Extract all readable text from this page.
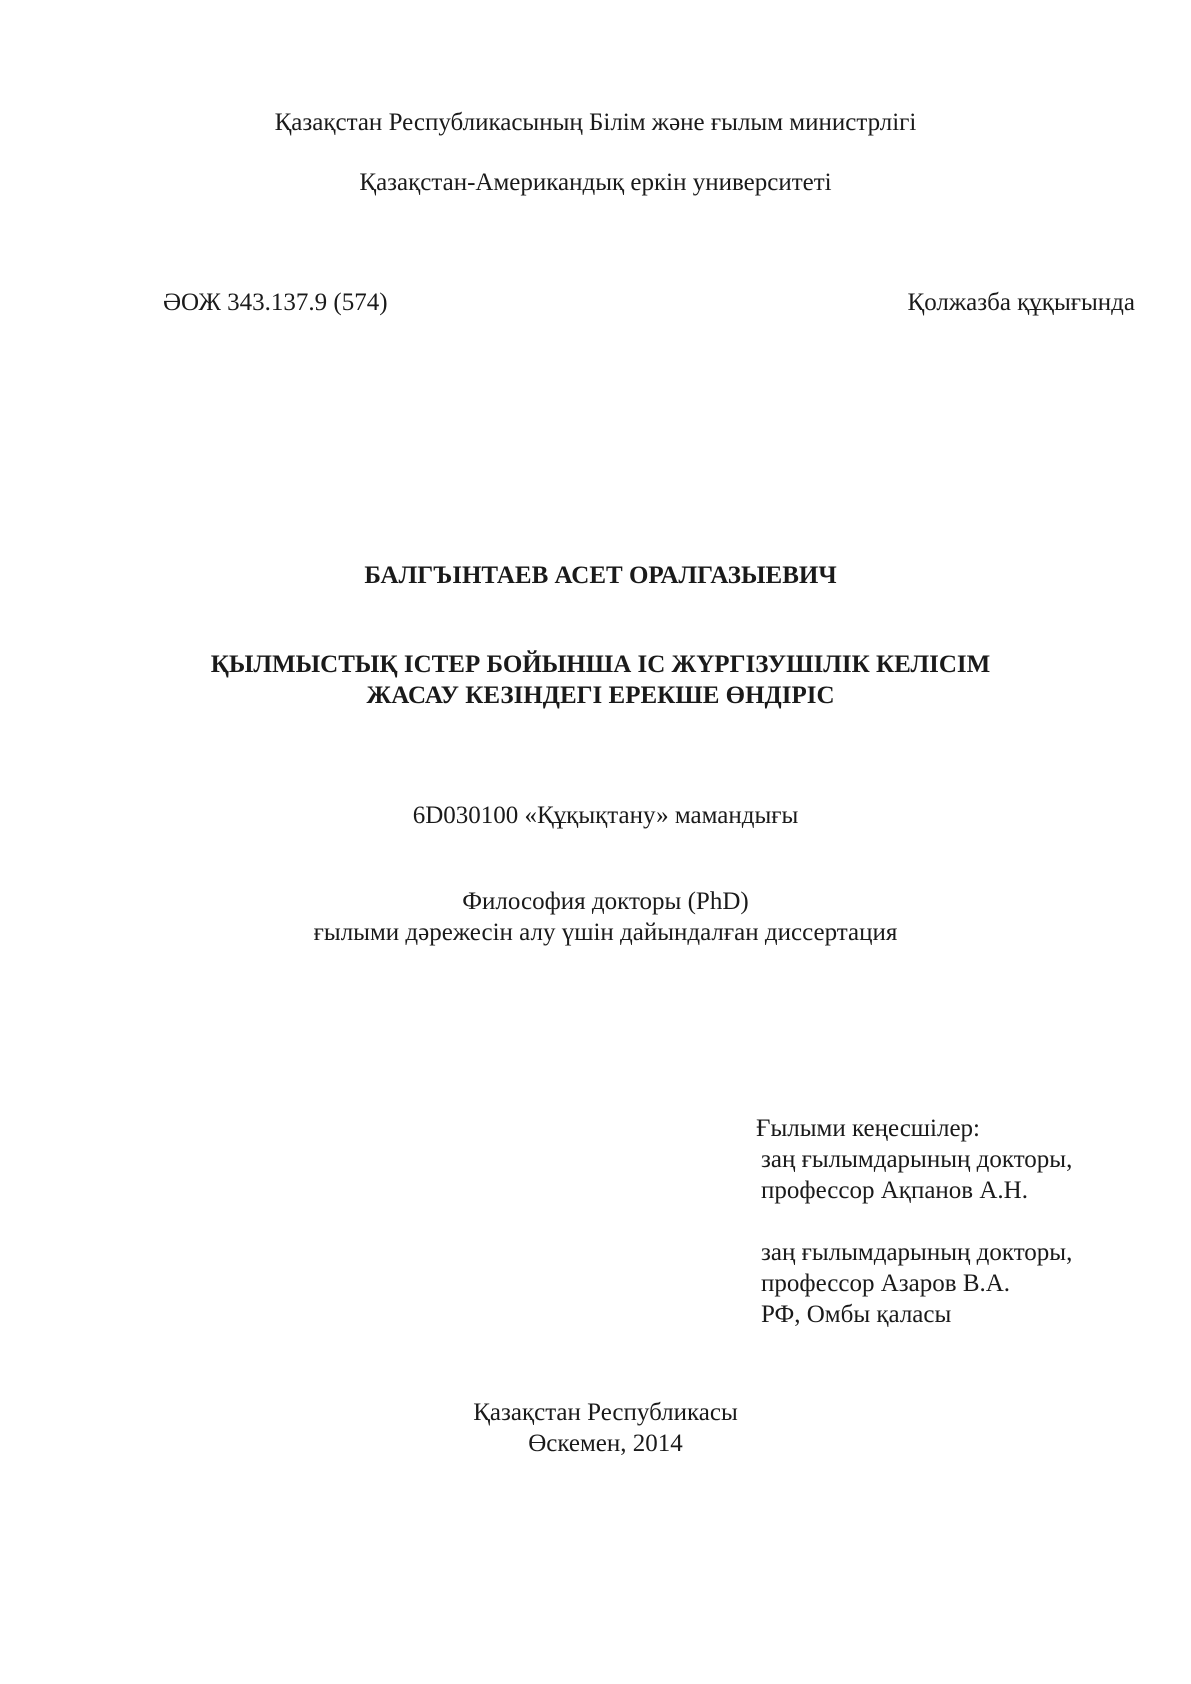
Қазақстан Республикасының Білім және ғылым министрлігі
Қазақстан-Американдық еркін университеті
ӘОЖ 343.137.9 (574)	Қолжазба құқығында
БАЛГЪІНТАЕВ АСЕТ ОРАЛГАЗЫЕВИЧ
ҚЫЛМЫСТЫҚ ІСТЕР БОЙЫНША ІС ЖҮРГІЗУШІЛІК КЕЛІСІМ
ЖАСАУ КЕЗІНДЕГІ ЕРЕКШЕ ӨНДІРІС
6D030100 «Құқықтану» мамандығы
Философия докторы (PhD)
ғылыми дәрежесін алу үшін дайындалған диссертация
Ғылыми кеңесшілер:
заң ғылымдарының докторы,
профессор Ақпанов А.Н.
заң ғылымдарының докторы,
профессор Азаров В.А.
РФ, Омбы қаласы
Қазақстан Республикасы
Өскемен, 2014
